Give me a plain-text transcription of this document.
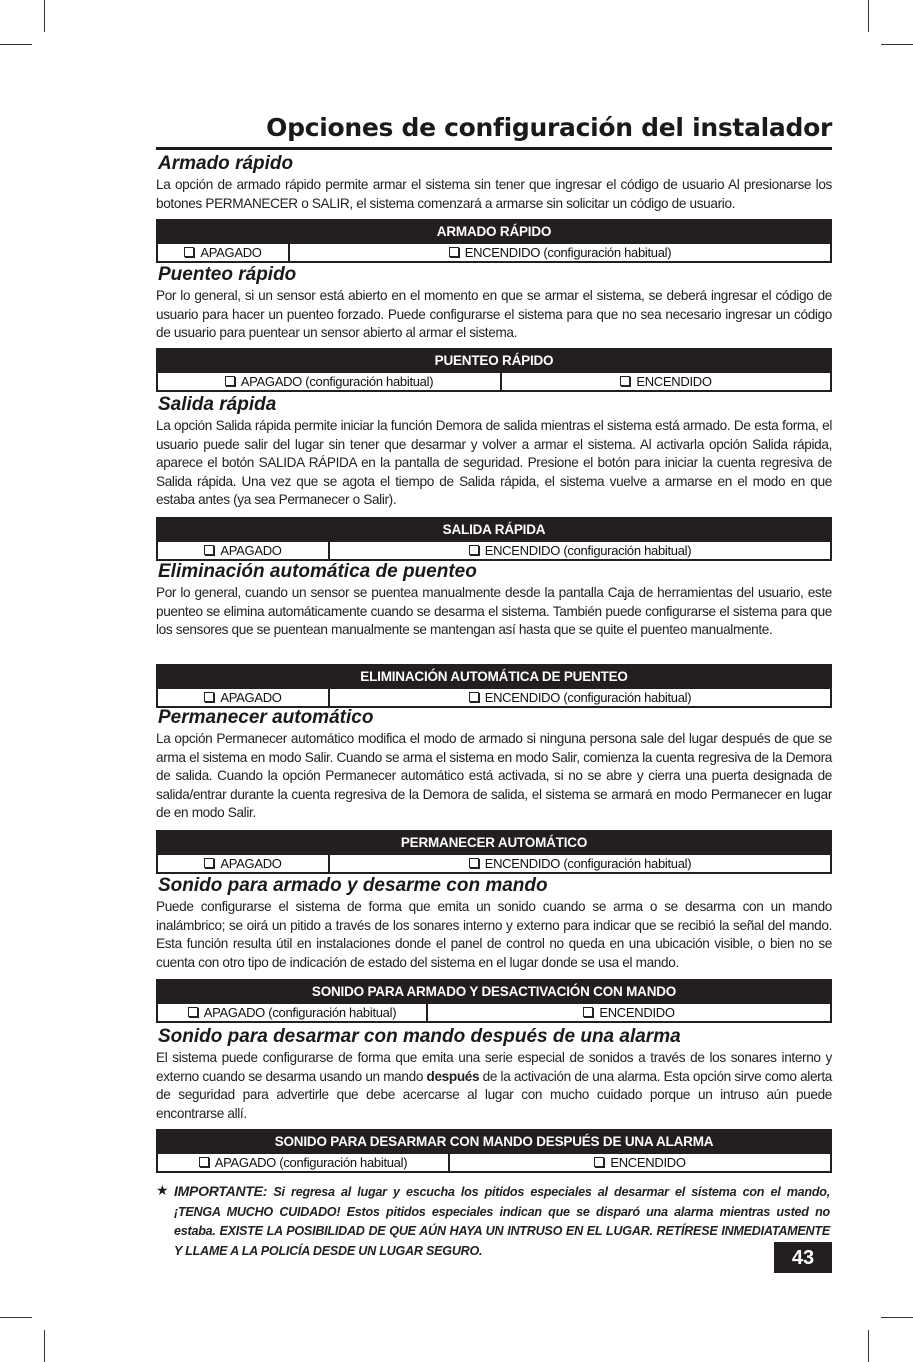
Opciones de configuración del instalador
Armado rápido

La opción de armado rápido permite armar el sistema sin tener que ingresar el código de usuario Al presionarse los botones PERMANECER o SALIR, el sistema comenzará a armarse sin solicitar un código de usuario.

ARMADO RÁPIDO
APAGADO	ENCENDIDO (configuración habitual)
Puenteo rápido

Por lo general, si un sensor está abierto en el momento en que se armar el sistema, se deberá ingresar el código de usuario para hacer un puenteo forzado. Puede configurarse el sistema para que no sea necesario ingresar un código de usuario para puentear un sensor abierto al armar el sistema.

PUENTEO RÁPIDO
APAGADO (configuración habitual)	ENCENDIDO
Salida rápida

La opción Salida rápida permite iniciar la función Demora de salida mientras el sistema está armado. De esta forma, el usuario puede salir del lugar sin tener que desarmar y volver a armar el sistema. Al activarla opción Salida rápida, aparece el botón SALIDA RÁPIDA en la pantalla de seguridad. Presione el botón para iniciar la cuenta regresiva de Salida rápida. Una vez que se agota el tiempo de Salida rápida, el sistema vuelve a armarse en el modo en que estaba antes (ya sea Permanecer o Salir).

SALIDA RÁPIDA
APAGADO	ENCENDIDO (configuración habitual)
Eliminación automática de puenteo

Por lo general, cuando un sensor se puentea manualmente desde la pantalla Caja de herramientas del usuario, este puenteo se elimina automáticamente cuando se desarma el sistema. También puede configurarse el sistema para que los sensores que se puentean manualmente se mantengan así hasta que se quite el puenteo manualmente.

ELIMINACIÓN AUTOMÁTICA DE PUENTEO
APAGADO	ENCENDIDO (configuración habitual)
Permanecer automático

La opción Permanecer automático modifica el modo de armado si ninguna persona sale del lugar después de que se arma el sistema en modo Salir. Cuando se arma el sistema en modo Salir, comienza la cuenta regresiva de la Demora de salida. Cuando la opción Permanecer automático está activada, si no se abre y cierra una puerta designada de salida/entrar durante la cuenta regresiva de la Demora de salida, el sistema se armará en modo Permanecer en lugar de en modo Salir.

PERMANECER AUTOMÁTICO
APAGADO	ENCENDIDO (configuración habitual)
Sonido para armado y desarme con mando

Puede configurarse el sistema de forma que emita un sonido cuando se arma o se desarma con un mando inalámbrico; se oirá un pitido a través de los sonares interno y externo para indicar que se recibió la señal del mando. Esta función resulta útil en instalaciones donde el panel de control no queda en una ubicación visible, o bien no se cuenta con otro tipo de indicación de estado del sistema en el lugar donde se usa el mando.

SONIDO PARA ARMADO Y DESACTIVACIÓN CON MANDO
APAGADO (configuración habitual)	ENCENDIDO
Sonido para desarmar con mando después de una alarma

El sistema puede configurarse de forma que emita una serie especial de sonidos a través de los sonares interno y externo cuando se desarma usando un mando después de la activación de una alarma. Esta opción sirve como alerta de seguridad para advertirle que debe acercarse al lugar con mucho cuidado porque un intruso aún puede encontrarse allí.

SONIDO PARA DESARMAR CON MANDO DESPUÉS DE UNA ALARMA
APAGADO (configuración habitual)	ENCENDIDO
★ IMPORTANTE: Si regresa al lugar y escucha los pitidos especiales al desarmar el sistema con el mando, ¡TENGA MUCHO CUIDADO! Estos pitidos especiales indican que se disparó una alarma mientras usted no estaba. EXISTE LA POSIBILIDAD DE QUE AÚN HAYA UN INTRUSO EN EL LUGAR. RETÍRESE INMEDIATAMENTE Y LLAME A LA POLICÍA DESDE UN LUGAR SEGURO.	43
